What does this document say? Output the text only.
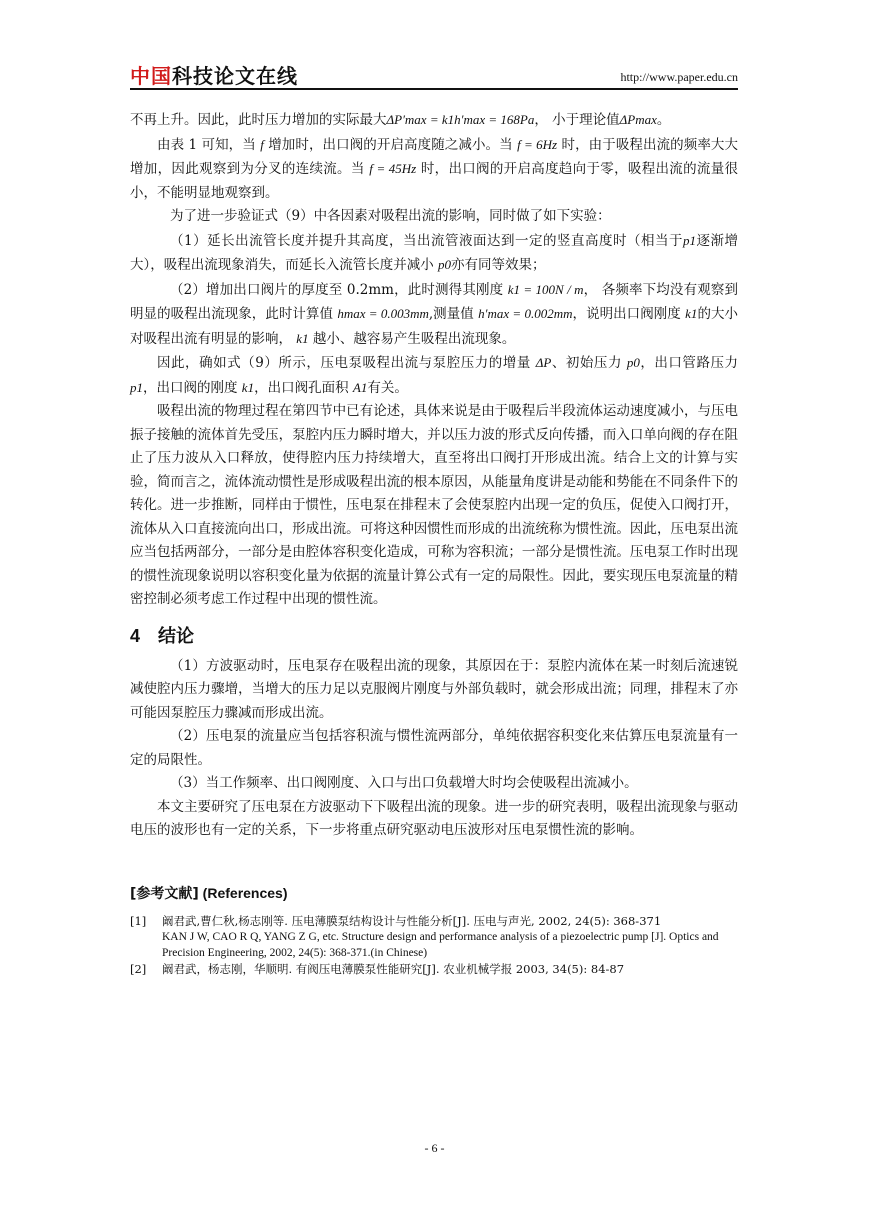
中国科技论文在线	http://www.paper.edu.cn

不再上升。因此，此时压力增加的实际最大ΔP′max = k1h′max = 168Pa， 小于理论值ΔPmax。

由表 1 可知，当 f 增加时，出口阀的开启高度随之减小。当 f = 6Hz 时，由于吸程出流的频率大大增加，因此观察到为分叉的连续流。当 f = 45Hz 时，出口阀的开启高度趋向于零，吸程出流的流量很小，不能明显地观察到。

为了进一步验证式（9）中各因素对吸程出流的影响，同时做了如下实验：

（1）延长出流管长度并提升其高度，当出流管液面达到一定的竖直高度时（相当于p1逐渐增大），吸程出流现象消失，而延长入流管长度并减小 p0亦有同等效果；

（2）增加出口阀片的厚度至 0.2mm，此时测得其刚度 k1 = 100N / m， 各频率下均没有观察到明显的吸程出流现象，此时计算值 hmax = 0.003mm,测量值 h′max = 0.002mm，说明出口阀刚度 k1的大小对吸程出流有明显的影响， k1 越小、越容易产生吸程出流现象。

因此，确如式（9）所示，压电泵吸程出流与泵腔压力的增量 ΔP、初始压力 p0，出口管路压力 p1，出口阀的刚度 k1，出口阀孔面积 A1有关。

吸程出流的物理过程在第四节中已有论述，具体来说是由于吸程后半段流体运动速度减小，与压电振子接触的流体首先受压，泵腔内压力瞬时增大，并以压力波的形式反向传播，而入口单向阀的存在阻止了压力波从入口释放，使得腔内压力持续增大，直至将出口阀打开形成出流。结合上文的计算与实验，简而言之，流体流动惯性是形成吸程出流的根本原因，从能量角度讲是动能和势能在不同条件下的转化。进一步推断，同样由于惯性，压电泵在排程末了会使泵腔内出现一定的负压，促使入口阀打开，流体从入口直接流向出口，形成出流。可将这种因惯性而形成的出流统称为惯性流。因此，压电泵出流应当包括两部分，一部分是由腔体容积变化造成，可称为容积流；一部分是惯性流。压电泵工作时出现的惯性流现象说明以容积变化量为依据的流量计算公式有一定的局限性。因此，要实现压电泵流量的精密控制必须考虑工作过程中出现的惯性流。

4 结论

（1）方波驱动时，压电泵存在吸程出流的现象，其原因在于：泵腔内流体在某一时刻后流速锐减使腔内压力骤增，当增大的压力足以克服阀片刚度与外部负载时，就会形成出流；同理，排程末了亦可能因泵腔压力骤减而形成出流。

（2）压电泵的流量应当包括容积流与惯性流两部分，单纯依据容积变化来估算压电泵流量有一定的局限性。

（3）当工作频率、出口阀刚度、入口与出口负载增大时均会使吸程出流减小。

本文主要研究了压电泵在方波驱动下下吸程出流的现象。进一步的研究表明，吸程出流现象与驱动电压的波形也有一定的关系，下一步将重点研究驱动电压波形对压电泵惯性流的影响。

[参考文献] (References)
[1] 阚君武,曹仁秋,杨志刚等. 压电薄膜泵结构设计与性能分析[J]. 压电与声光, 2002, 24(5): 368-371
KAN J W, CAO R Q, YANG Z G, etc. Structure design and performance analysis of a piezoelectric pump [J]. Optics and Precision Engineering, 2002, 24(5): 368-371.(in Chinese)
[2] 阚君武，杨志刚，华顺明. 有阀压电薄膜泵性能研究[J]. 农业机械学报 2003, 34(5): 84-87
- 6 -
